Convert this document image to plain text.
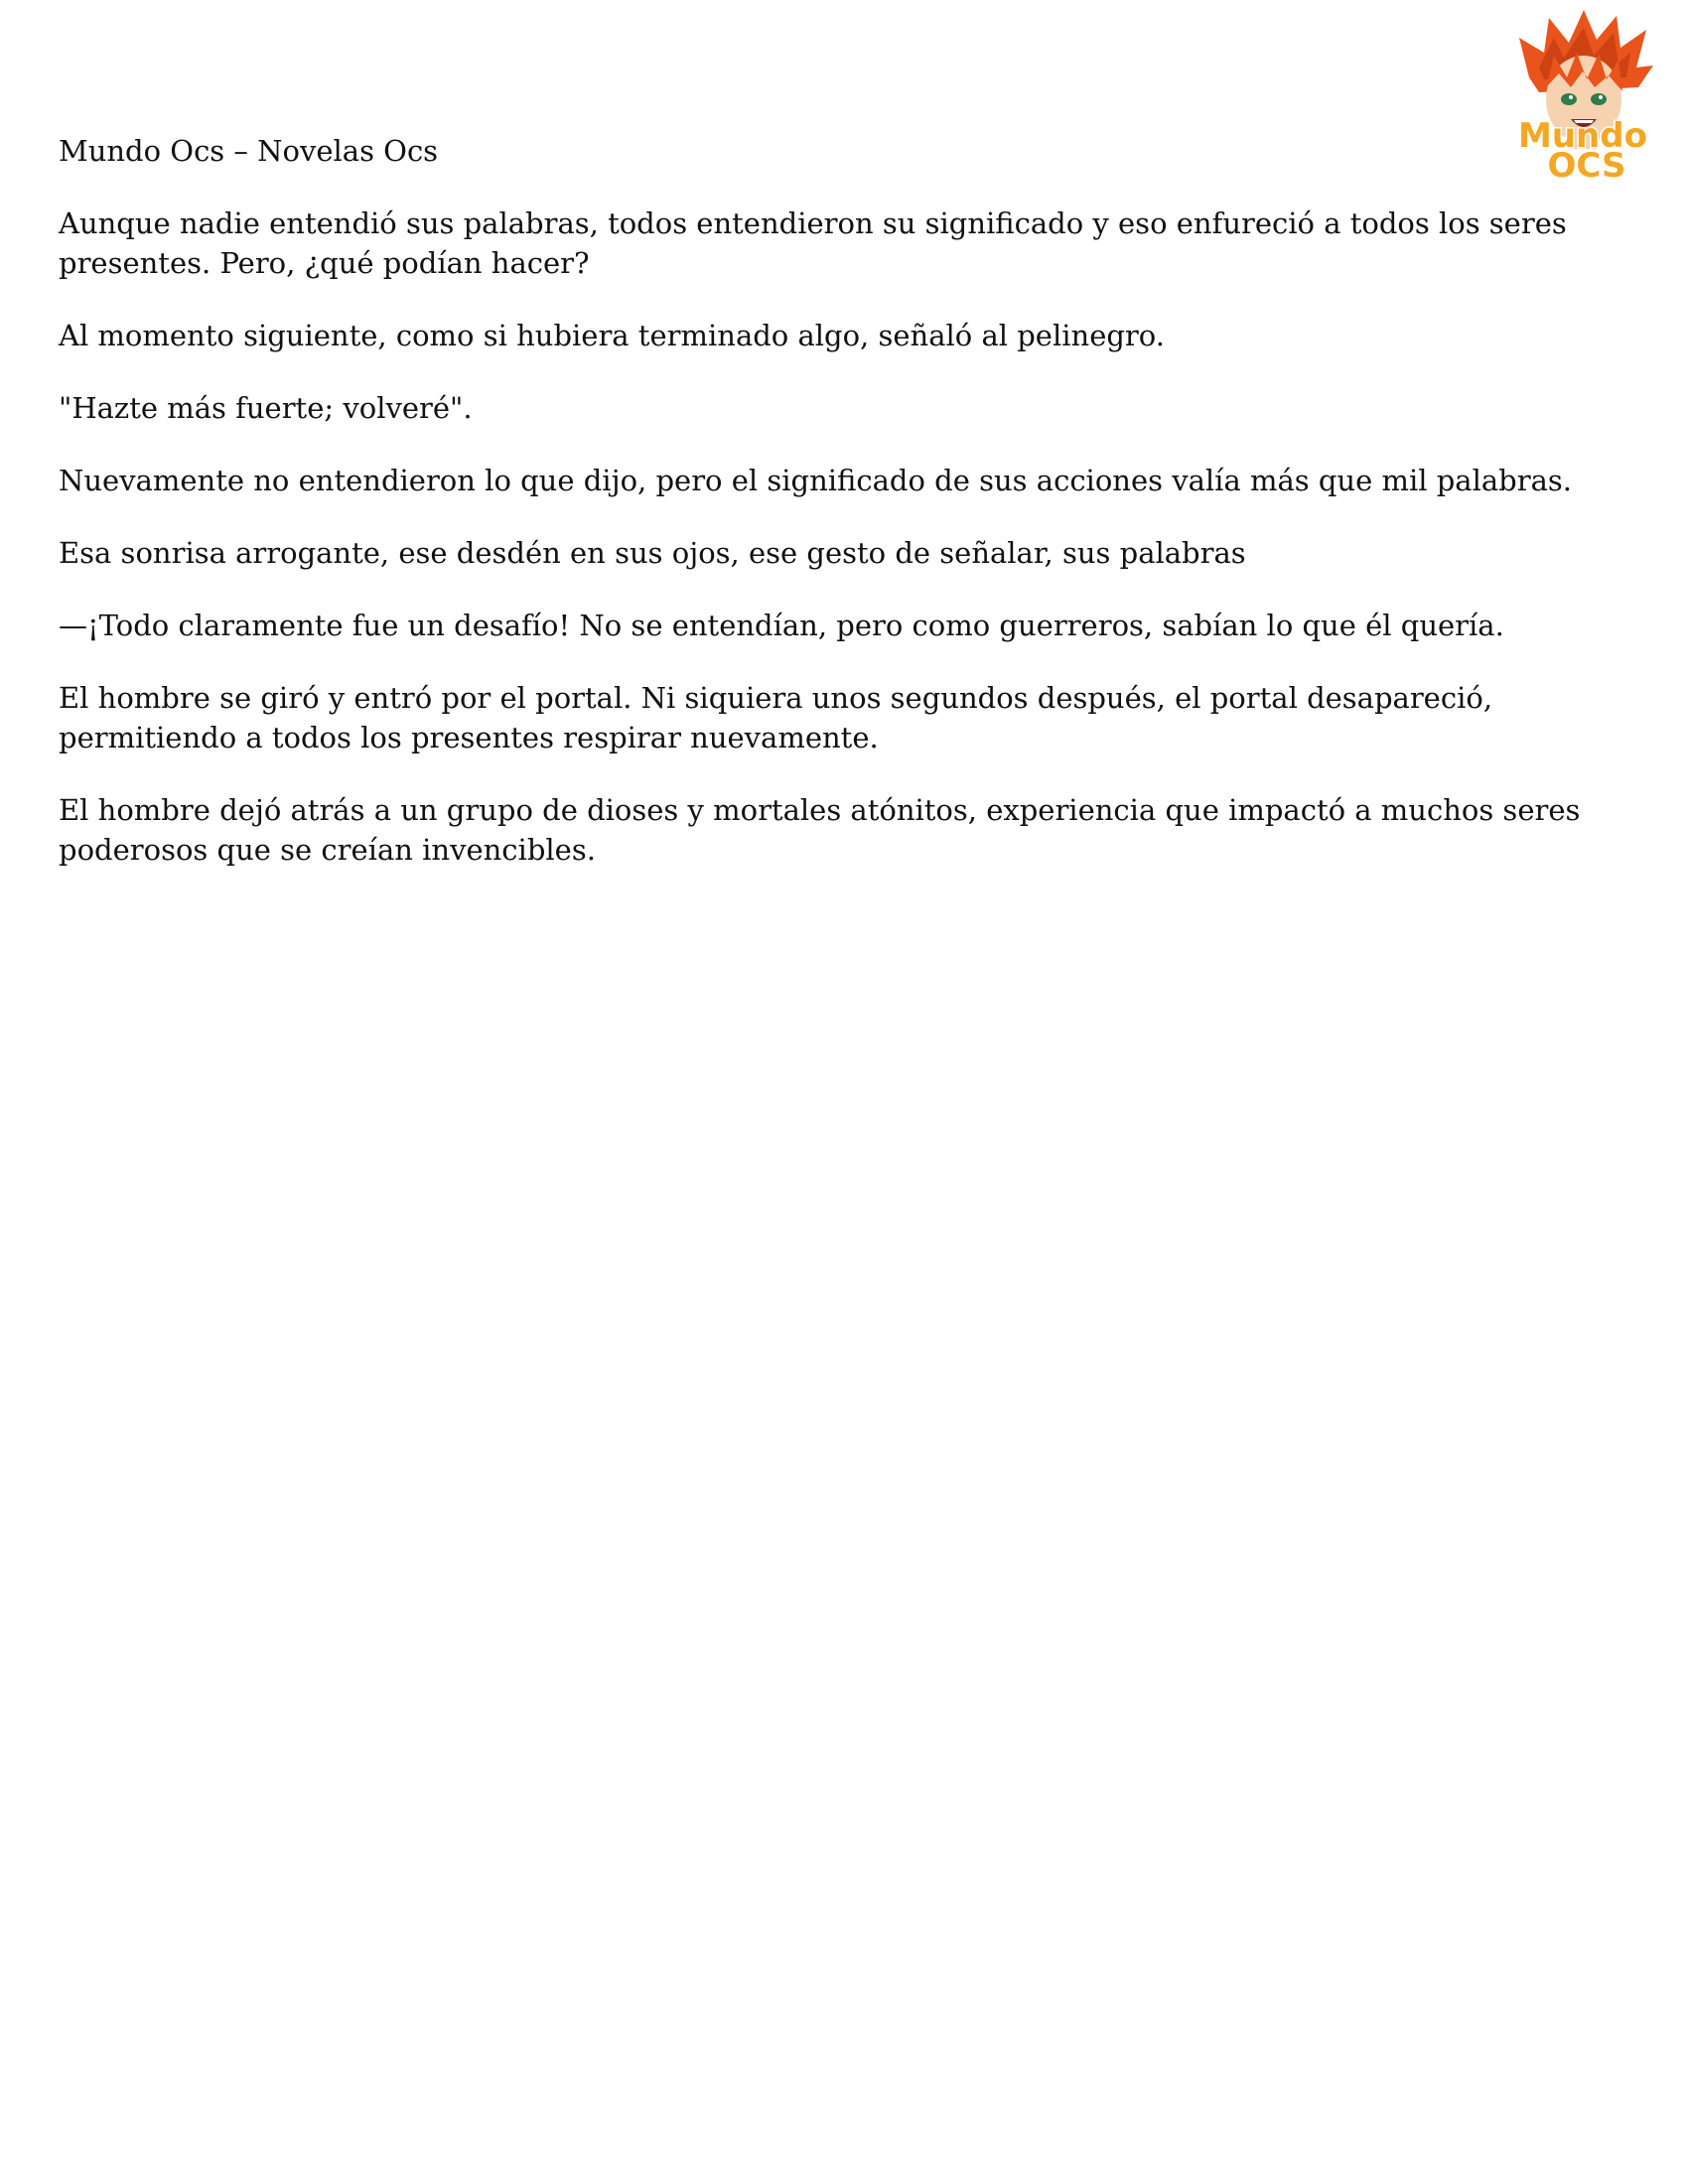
Mundo Ocs – Novelas Ocs	Mundo
OCS

Aunque nadie entendió sus palabras, todos entendieron su significado y eso enfureció a todos los seres presentes. Pero, ¿qué podían hacer?

Al momento siguiente, como si hubiera terminado algo, señaló al pelinegro.

"Hazte más fuerte; volveré".

Nuevamente no entendieron lo que dijo, pero el significado de sus acciones valía más que mil palabras.

Esa sonrisa arrogante, ese desdén en sus ojos, ese gesto de señalar, sus palabras

—¡Todo claramente fue un desafío! No se entendían, pero como guerreros, sabían lo que él quería.

El hombre se giró y entró por el portal. Ni siquiera unos segundos después, el portal desapareció, permitiendo a todos los presentes respirar nuevamente.

El hombre dejó atrás a un grupo de dioses y mortales atónitos, experiencia que impactó a muchos seres poderosos que se creían invencibles.
